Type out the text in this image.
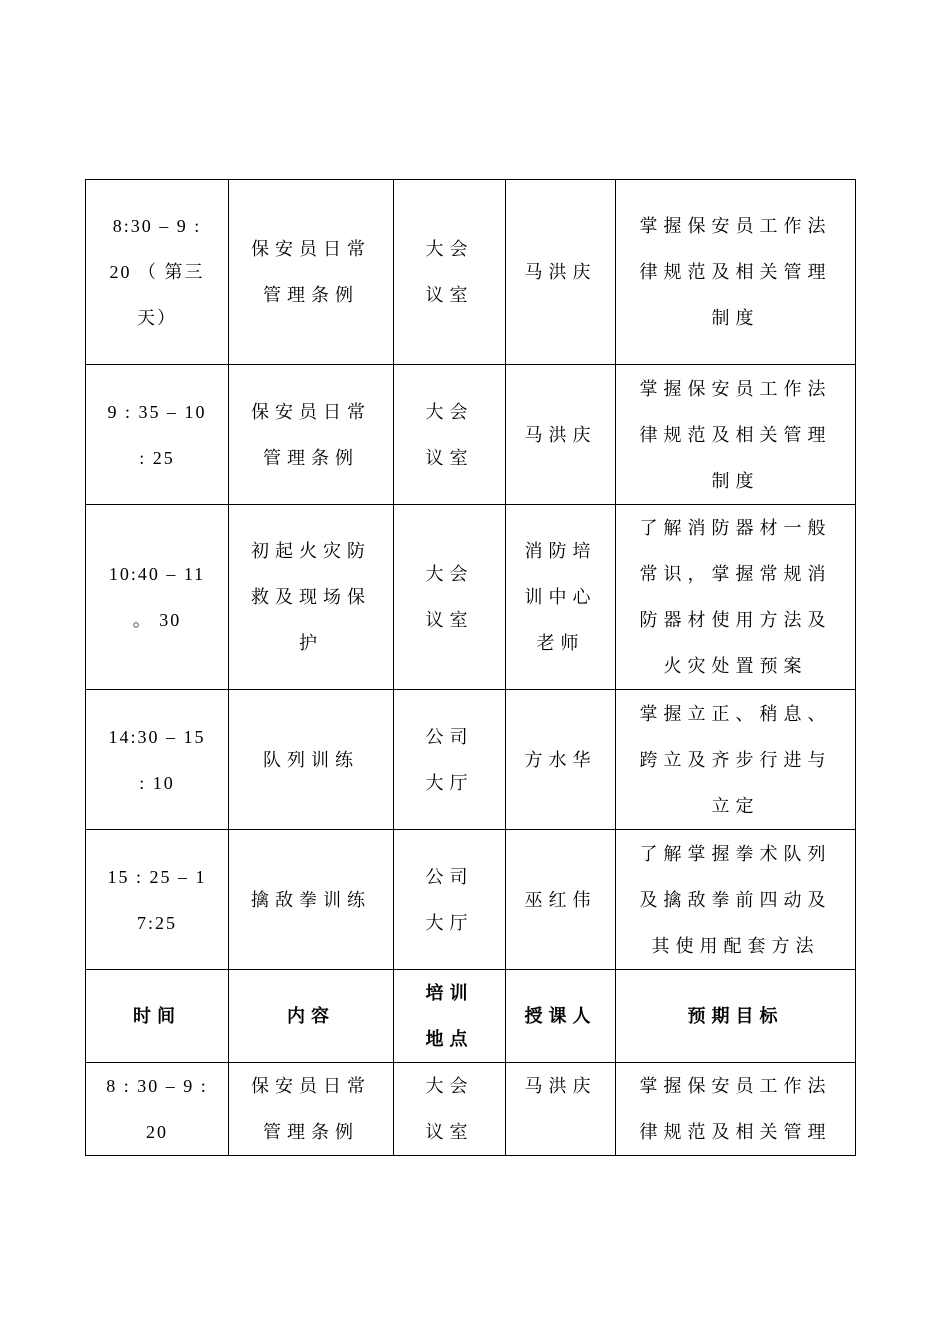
8:30 – 9 : 20 （ 第三天）	保安员日常管理条例	大会议室	马洪庆	掌握保安员工作法律规范及相关管理制度
9 : 35 – 10 : 25	保安员日常管理条例	大会议室	马洪庆	掌握保安员工作法律规范及相关管理制度
10:40 – 11 。 30	初起火灾防救及现场保护	大会议室	消防培训中心老师	了解消防器材一般常识，掌握常规消防器材使用方法及火灾处置预案
14:30 – 15 : 10	队列训练	公司大厅	方水华	掌握立正、稍息、跨立及齐步行进与立定
15 : 25 – 17:25	擒敌拳训练	公司大厅	巫红伟	了解掌握拳术队列及擒敌拳前四动及其使用配套方法
时间	内容	培训地点	授课人	预期目标
8 : 30 – 9 : 20	保安员日常管理条例	大会议室	马洪庆	掌握保安员工作法律规范及相关管理
